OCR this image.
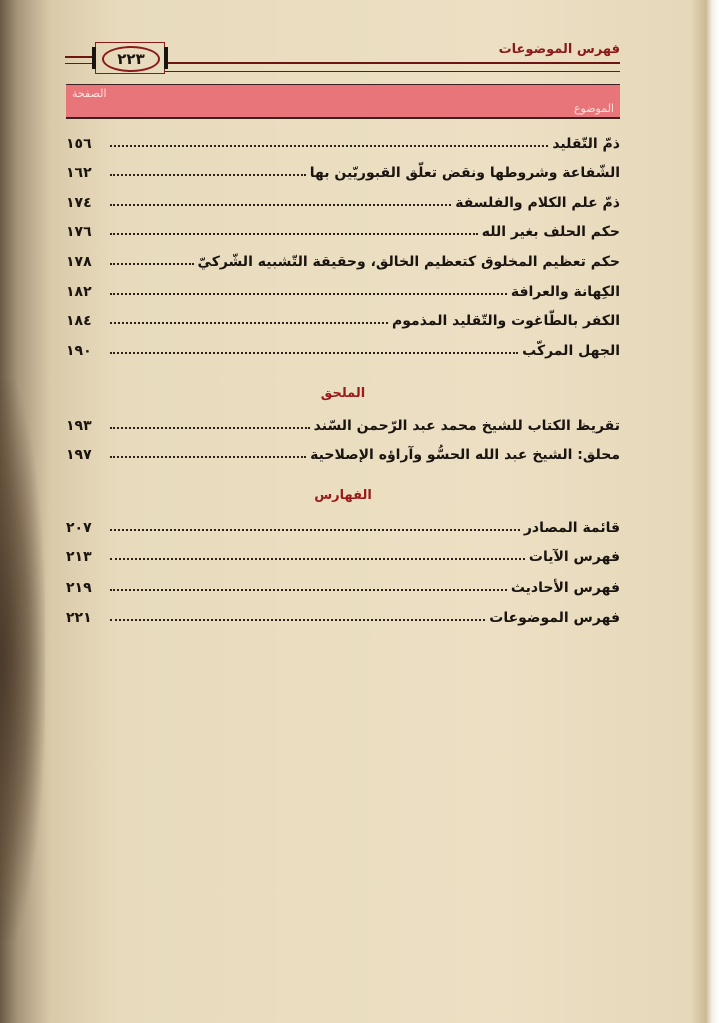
فهرس الموضوعات
٢٢٣
الموضوع
الصفحة
ذمّ التّقليد
١٥٦
الشّفاعة وشروطها ونقض تعلّق القبوريّين بها
١٦٢
ذمّ علم الكلام والفلسفة
١٧٤
حكم الحلف بغير الله
١٧٦
حكم تعظيم المخلوق كتعظيم الخالق، وحقيقة التّشبيه الشّركيّ
١٧٨
الكِهانة والعرافة
١٨٢
الكفر بالطّاغوت والتّقليد المذموم
١٨٤
الجهل المركّب
١٩٠
تقريظ الكتاب للشيخ محمد عبد الرّحمن السّند
١٩٣
محلق: الشيخ عبد الله الحسُّو وآراؤه الإصلاحية
١٩٧
قائمة المصادر
٢٠٧
فهرس الآيات
٢١٣
فهرس الأحاديث
٢١٩
فهرس الموضوعات
٢٢١
الملحق
الفهارس
